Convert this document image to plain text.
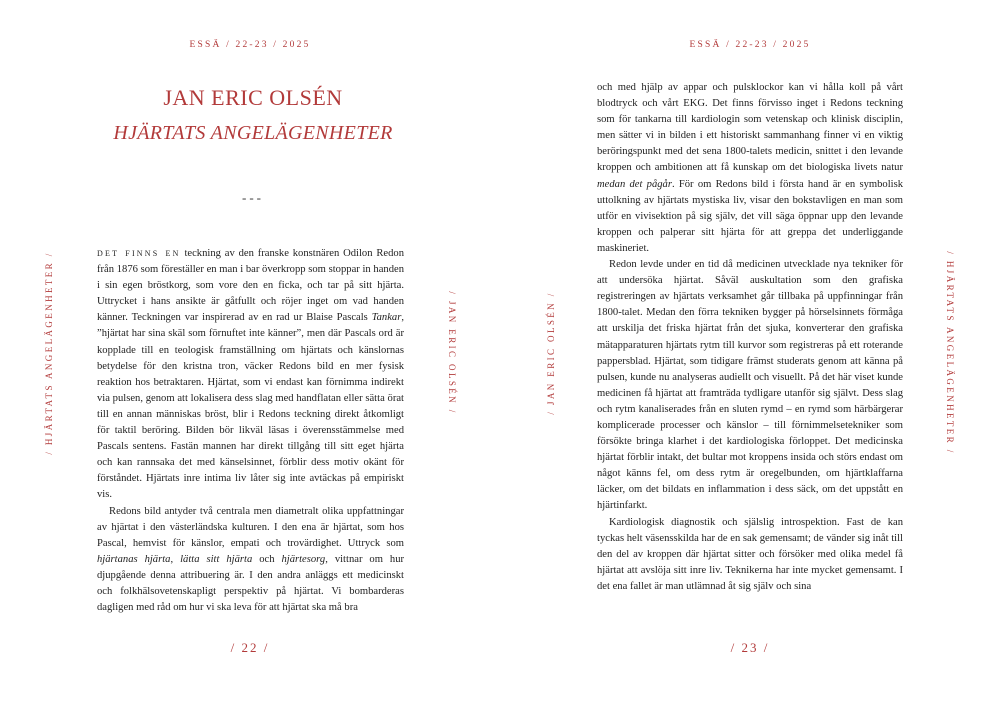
ESSÄ / 22-23 / 2025
/ HJÄRTATS ANGELÄGENHETER /
JAN ERIC OLSÉN
HJÄRTATS ANGELÄGENHETER
---

det finns en teckning av den franske konstnären Odilon Redon från 1876 som föreställer en man i bar överkropp som stoppar in handen i sin egen bröstkorg, som vore den en ficka, och tar på sitt hjärta. Uttrycket i hans ansikte är gåtfullt och röjer inget om vad handen känner. Teckningen var inspirerad av en rad ur Blaise Pascals Tankar, ”hjärtat har sina skäl som förnuftet inte känner”, men där Pascals ord är kopplade till en teologisk framställning om hjärtats och känslornas betydelse för den kristna tron, väcker Redons bild en mer fysisk reaktion hos betraktaren. Hjärtat, som vi endast kan förnimma indirekt via pulsen, genom att lokalisera dess slag med handflatan eller sätta örat till en annan människas bröst, blir i Redons teckning direkt åtkomligt för taktil beröring. Bilden bör likväl läsas i överensstämmelse med Pascals sentens. Fastän mannen har direkt tillgång till sitt eget hjärta och kan rannsaka det med känselsinnet, förblir dess motiv okänt för förståndet. Hjärtats inre intima liv låter sig inte avtäckas på empiriskt vis.

Redons bild antyder två centrala men diametralt olika uppfattningar av hjärtat i den västerländska kulturen. I den ena är hjärtat, som hos Pascal, hemvist för känslor, empati och trovärdighet. Uttryck som hjärtanas hjärta, lätta sitt hjärta och hjärtesorg, vittnar om hur djupgående denna attribuering är. I den andra anläggs ett medicinskt och folkhälsovetenskapligt perspektiv på hjärtat. Vi bombarderas dagligen med råd om hur vi ska leva för att hjärtat ska må bra

/ 22 /
/ JAN ERIC OLSÉN /
ESSÄ / 22-23 / 2025
/ JAN ERIC OLSÉN /

och med hjälp av appar och pulsklockor kan vi hålla koll på vårt blodtryck och vårt EKG. Det finns förvisso inget i Redons teckning som för tankarna till kardiologin som vetenskap och klinisk disciplin, men sätter vi in bilden i ett historiskt sammanhang finner vi en viktig beröringspunkt med det sena 1800-talets medicin, snittet i den levande kroppen och ambitionen att få kunskap om det biologiska livets natur medan det pågår. För om Redons bild i första hand är en symbolisk uttolkning av hjärtats mystiska liv, visar den bokstavligen en man som utför en vivisektion på sig själv, det vill säga öppnar upp den levande kroppen och palperar sitt hjärta för att greppa det underliggande maskineriet.

Redon levde under en tid då medicinen utvecklade nya tekniker för att undersöka hjärtat. Såväl auskultation som den grafiska registreringen av hjärtats verksamhet går tillbaka på uppfinningar från 1800-talet. Medan den förra tekniken bygger på hörselsinnets förmåga att urskilja det friska hjärtat från det sjuka, konverterar den grafiska mätapparaturen hjärtats rytm till kurvor som registreras på ett roterande pappersblad. Hjärtat, som tidigare främst studerats genom att känna på pulsen, kunde nu analyseras audiellt och visuellt. På det här viset kunde medicinen få hjärtat att framträda tydligare utanför sig självt. Dess slag och rytm kanaliserades från en sluten rymd – en rymd som härbärgerar komplicerade processer och känslor – till förnimmelsetekniker som försökte bringa klarhet i det kardiologiska förloppet. Det medicinska hjärtat förblir intakt, det bultar mot kroppens insida och störs endast om något känns fel, om dess rytm är oregelbunden, om hjärtklaffarna läcker, om det bildats en inflammation i dess säck, om det uppstått en hjärtinfarkt.

Kardiologisk diagnostik och själslig introspektion. Fast de kan tyckas helt väsensskilda har de en sak gemensamt; de vänder sig inåt till den del av kroppen där hjärtat sitter och försöker med olika medel få hjärtat att avslöja sitt inre liv. Teknikerna har inte mycket gemensamt. I det ena fallet är man utlämnad åt sig själv och sina

/ 23 /
/ HJÄRTATS ANGELÄGENHETER /
